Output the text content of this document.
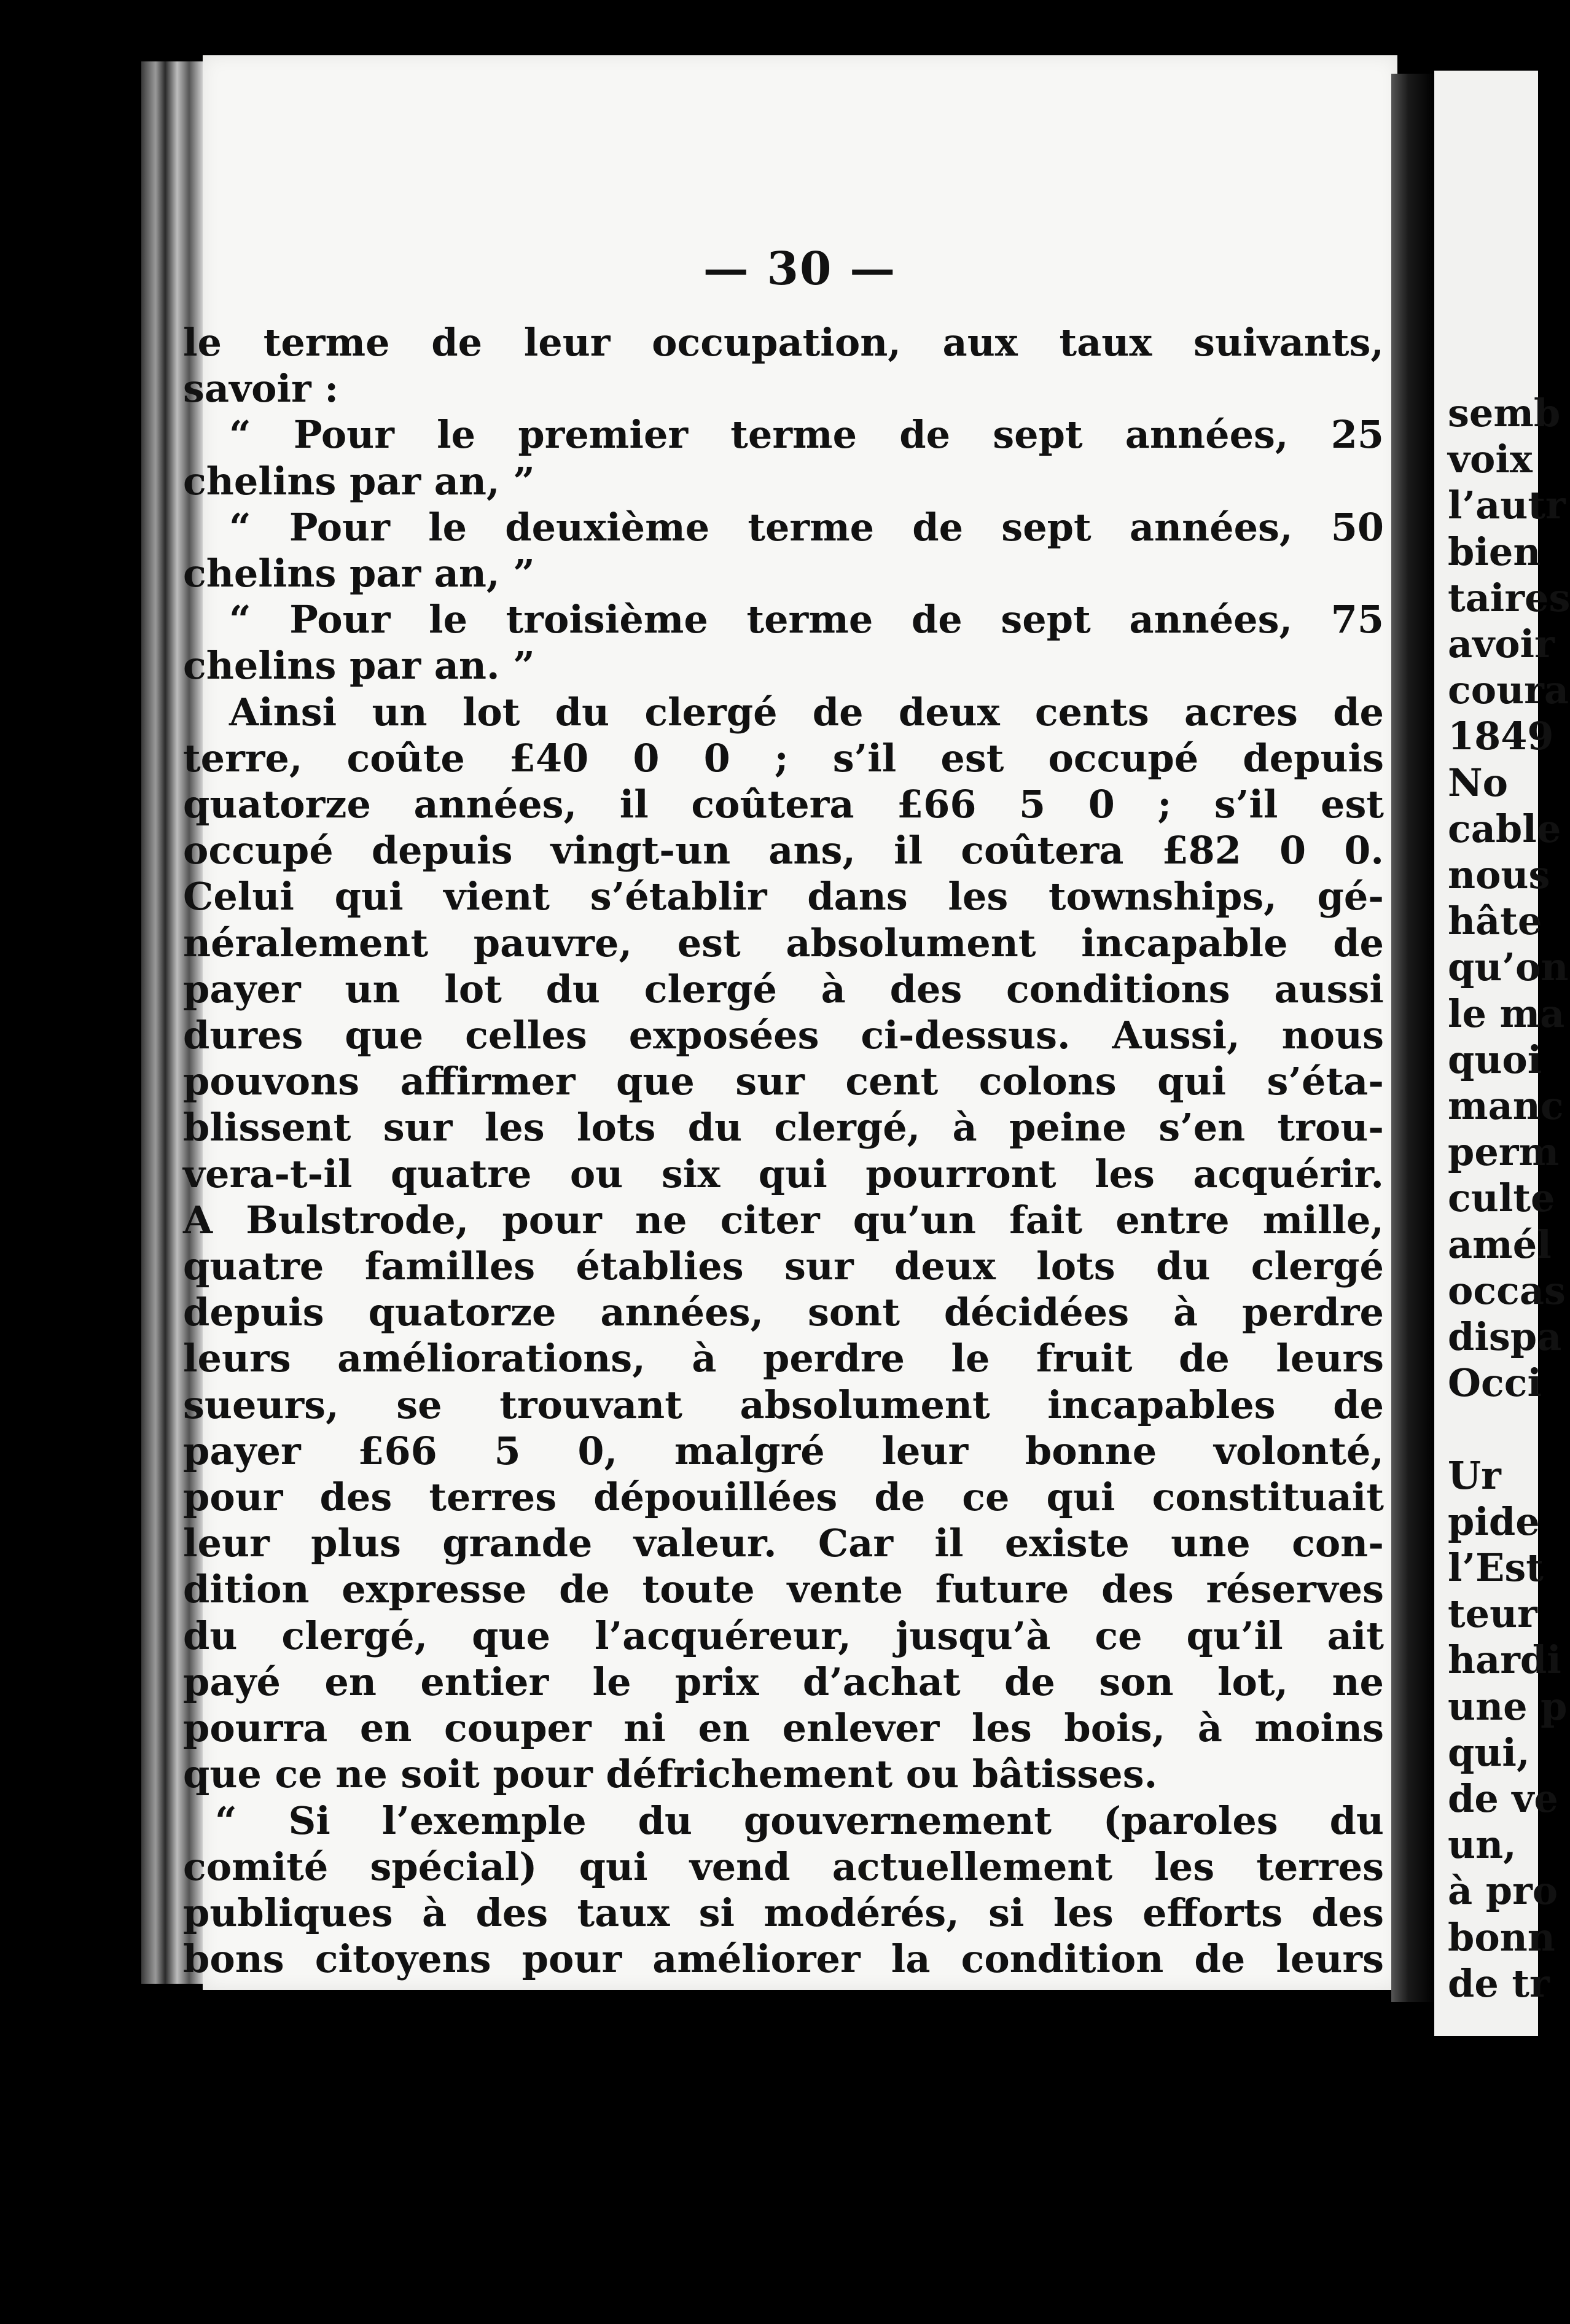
semb
voix
l’autr
bien
taires
avoir
coura
1849
No
cable
nous
hâte
qu’on
le ma
quoi
manc
perm
culte
amél
occas
dispa
Occi
Ur
pide
l’Est
teur
hardi
une p
qui,
de ve
un,
à pro
bonn
de tr
— 30 —
le terme de leur occupation, aux taux suivants,
savoir :
“ Pour le premier terme de sept années, 25
chelins par an, ”
“ Pour le deuxième terme de sept années, 50
chelins par an, ”
“ Pour le troisième terme de sept années, 75
chelins par an. ”
Ainsi un lot du clergé de deux cents acres de
terre, coûte £40 0 0 ; s’il est occupé depuis
quatorze années, il coûtera £66 5 0 ; s’il est
occupé depuis vingt-un ans, il coûtera £82 0 0.
Celui qui vient s’établir dans les townships, gé-
néralement pauvre, est absolument incapable de
payer un lot du clergé à des conditions aussi
dures que celles exposées ci-dessus. Aussi, nous
pouvons affirmer que sur cent colons qui s’éta-
blissent sur les lots du clergé, à peine s’en trou-
vera-t-il quatre ou six qui pourront les acquérir.
A Bulstrode, pour ne citer qu’un fait entre mille,
quatre familles établies sur deux lots du clergé
depuis quatorze années, sont décidées à perdre
leurs améliorations, à perdre le fruit de leurs
sueurs, se trouvant absolument incapables de
payer £66 5 0, malgré leur bonne volonté,
pour des terres dépouillées de ce qui constituait
leur plus grande valeur. Car il existe une con-
dition expresse de toute vente future des réserves
du clergé, que l’acquéreur, jusqu’à ce qu’il ait
payé en entier le prix d’achat de son lot, ne
pourra en couper ni en enlever les bois, à moins
que ce ne soit pour défrichement ou bâtisses.
“ Si l’exemple du gouvernement (paroles du
comité spécial) qui vend actuellement les terres
publiques à des taux si modérés, si les efforts des
bons citoyens pour améliorer la condition de leurs
